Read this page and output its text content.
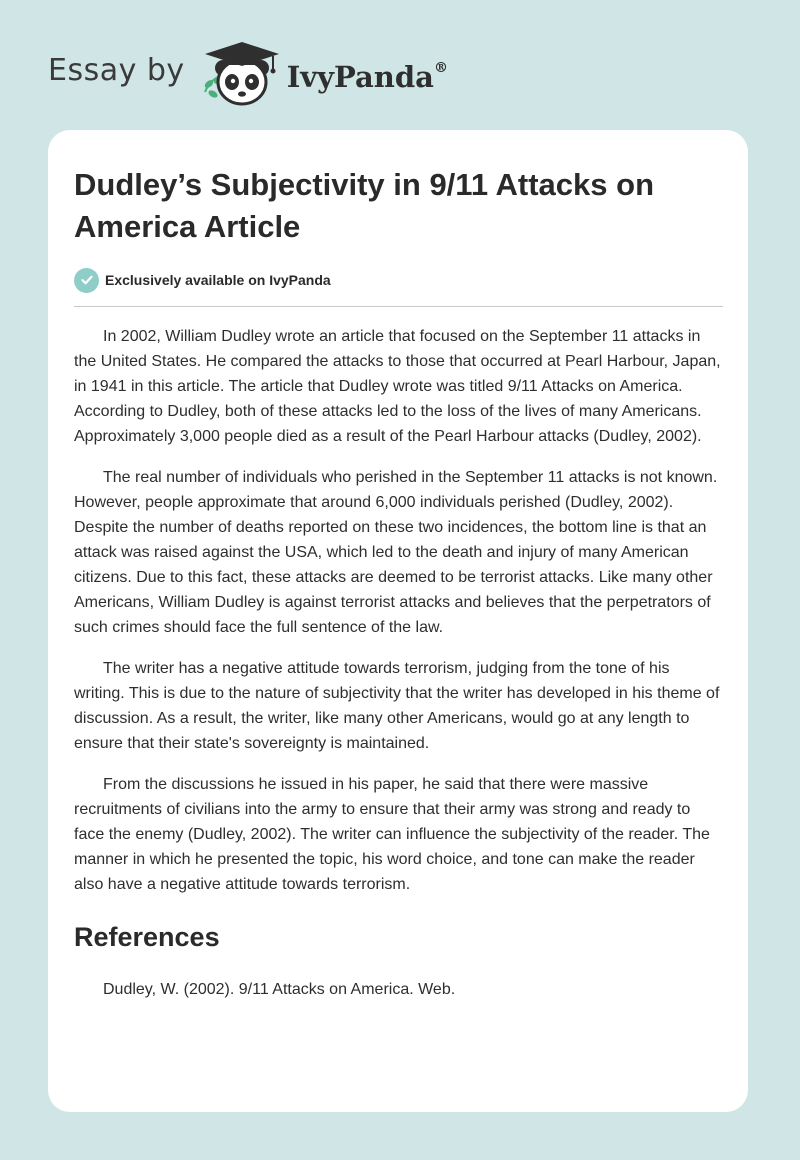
Essay by	IvyPanda®
Dudley’s Subjectivity in 9/11 Attacks on America Article
Exclusively available on IvyPanda

In 2002, William Dudley wrote an article that focused on the September 11 attacks in the United States. He compared the attacks to those that occurred at Pearl Harbour, Japan, in 1941 in this article. The article that Dudley wrote was titled 9/11 Attacks on America. According to Dudley, both of these attacks led to the loss of the lives of many Americans. Approximately 3,000 people died as a result of the Pearl Harbour attacks (Dudley, 2002).

The real number of individuals who perished in the September 11 attacks is not known. However, people approximate that around 6,000 individuals perished (Dudley, 2002). Despite the number of deaths reported on these two incidences, the bottom line is that an attack was raised against the USA, which led to the death and injury of many American citizens. Due to this fact, these attacks are deemed to be terrorist attacks. Like many other Americans, William Dudley is against terrorist attacks and believes that the perpetrators of such crimes should face the full sentence of the law.

The writer has a negative attitude towards terrorism, judging from the tone of his writing. This is due to the nature of subjectivity that the writer has developed in his theme of discussion. As a result, the writer, like many other Americans, would go at any length to ensure that their state's sovereignty is maintained.

From the discussions he issued in his paper, he said that there were massive recruitments of civilians into the army to ensure that their army was strong and ready to face the enemy (Dudley, 2002). The writer can influence the subjectivity of the reader. The manner in which he presented the topic, his word choice, and tone can make the reader also have a negative attitude towards terrorism.

References

Dudley, W. (2002). 9/11 Attacks on America. Web.
